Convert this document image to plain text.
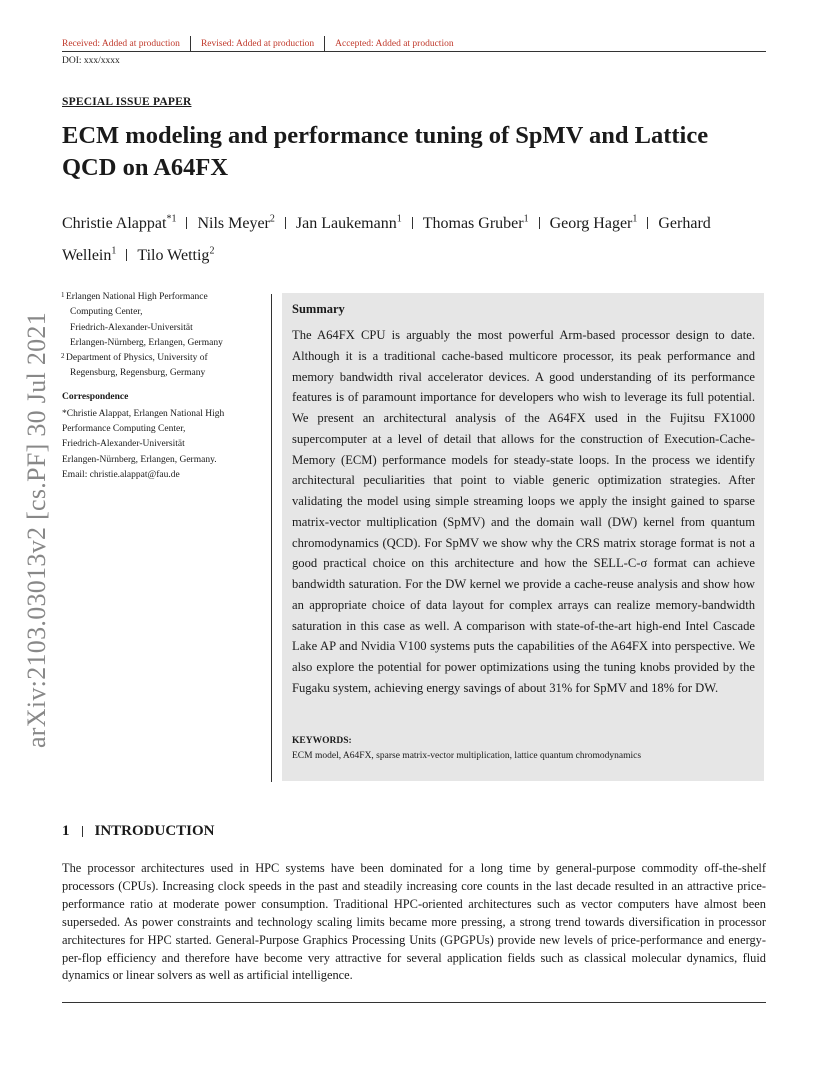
Received: Added at production	Revised: Added at production	Accepted: Added at production
DOI: xxx/xxxx
SPECIAL ISSUE PAPER
ECM modeling and performance tuning of SpMV and Lattice QCD on A64FX
Christie Alappat$^{*1}$ Nils Meyer$^2$ Jan Laukemann$^1$ Thomas Gruber$^1$ Georg Hager$^1$ Gerhard Wellein$^1$ Tilo Wettig$^2$
arXiv:2103.03013v2 [cs.PF] 30 Jul 2021
1 Erlangen National High Performance
Computing Center,
Friedrich-Alexander-Universität
Erlangen-Nürnberg, Erlangen, Germany
2 Department of Physics, University of
Regensburg, Regensburg, Germany
Correspondence
*Christie Alappat, Erlangen National High
Performance Computing Center,
Friedrich-Alexander-Universität
Erlangen-Nürnberg, Erlangen, Germany.
Email: christie.alappat@fau.de
Summary
The A64FX CPU is arguably the most powerful Arm-based processor design to date. Although it is a traditional cache-based multicore processor, its peak performance and memory bandwidth rival accelerator devices. A good understanding of its performance features is of paramount importance for developers who wish to leverage its full potential. We present an architectural analysis of the A64FX used in the Fujitsu FX1000 supercomputer at a level of detail that allows for the construction of Execution-Cache-Memory (ECM) performance models for steady-state loops. In the process we identify architectural peculiarities that point to viable generic optimization strategies. After validating the model using simple streaming loops we apply the insight gained to sparse matrix-vector multiplication (SpMV) and the domain wall (DW) kernel from quantum chromodynamics (QCD). For SpMV we show why the CRS matrix storage format is not a good practical choice on this architecture and how the SELL-C-σ format can achieve bandwidth saturation. For the DW kernel we provide a cache-reuse analysis and show how an appropriate choice of data layout for complex arrays can realize memory-bandwidth saturation in this case as well. A comparison with state-of-the-art high-end Intel Cascade Lake AP and Nvidia V100 systems puts the capabilities of the A64FX into perspective. We also explore the potential for power optimizations using the tuning knobs provided by the Fugaku system, achieving energy savings of about 31% for SpMV and 18% for DW.
KEYWORDS:
ECM model, A64FX, sparse matrix-vector multiplication, lattice quantum chromodynamics
1 INTRODUCTION
The processor architectures used in HPC systems have been dominated for a long time by general-purpose commodity off-the-shelf processors (CPUs). Increasing clock speeds in the past and steadily increasing core counts in the last decade resulted in an attractive price-performance ratio at moderate power consumption. Traditional HPC-oriented architectures such as vector computers have almost been superseded. As power constraints and technology scaling limits became more pressing, a strong trend towards diversification in processor architectures for HPC started. General-Purpose Graphics Processing Units (GPGPUs) provide new levels of price-performance and energy-per-flop efficiency and therefore have become very attractive for several application fields such as classical molecular dynamics, fluid dynamics or linear solvers as well as artificial intelligence.
